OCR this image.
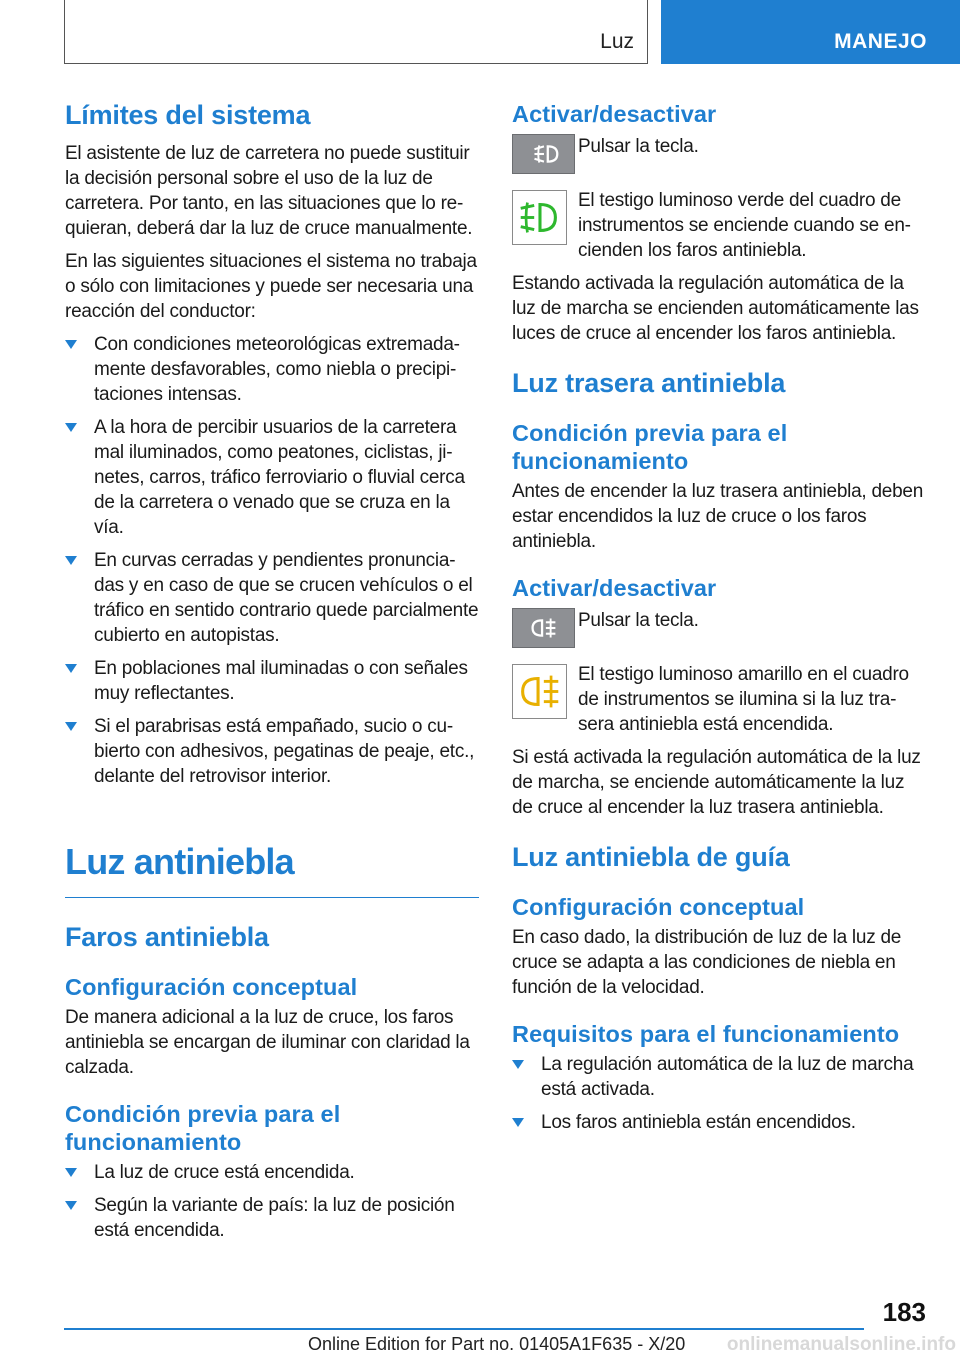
Luz	MANEJO
Límites del sistema

El asistente de luz de carretera no puede sustituir la decisión personal sobre el uso de la luz de carretera. Por tanto, en las situaciones que lo requieran, deberá dar la luz de cruce manualmente.

En las siguientes situaciones el sistema no trabaja o sólo con limitaciones y puede ser necesaria una reacción del conductor:

Con condiciones meteorológicas extremadamente desfavorables, como niebla o precipitaciones intensas.
A la hora de percibir usuarios de la carretera mal iluminados, como peatones, ciclistas, jinetes, carros, tráfico ferroviario o fluvial cerca de la carretera o venado que se cruza en la vía.
En curvas cerradas y pendientes pronunciadas y en caso de que se crucen vehículos o el tráfico en sentido contrario quede parcialmente cubierto en autopistas.
En poblaciones mal iluminadas o con señales muy reflectantes.
Si el parabrisas está empañado, sucio o cubierto con adhesivos, pegatinas de peaje, etc., delante del retrovisor interior.
Luz antiniebla
Faros antiniebla
Configuración conceptual

De manera adicional a la luz de cruce, los faros antiniebla se encargan de iluminar con claridad la calzada.

Condición previa para el funcionamiento
La luz de cruce está encendida.
Según la variante de país: la luz de posición está encendida.
Activar/desactivar
Pulsar la tecla.
El testigo luminoso verde del cuadro de instrumentos se enciende cuando se encienden los faros antiniebla.

Estando activada la regulación automática de la luz de marcha se encienden automáticamente las luces de cruce al encender los faros antiniebla.

Luz trasera antiniebla
Condición previa para el funcionamiento

Antes de encender la luz trasera antiniebla, deben estar encendidos la luz de cruce o los faros antiniebla.

Activar/desactivar
Pulsar la tecla.
El testigo luminoso amarillo en el cuadro de instrumentos se ilumina si la luz trasera antiniebla está encendida.

Si está activada la regulación automática de la luz de marcha, se enciende automáticamente la luz de cruce al encender la luz trasera antiniebla.

Luz antiniebla de guía
Configuración conceptual

En caso dado, la distribución de luz de la luz de cruce se adapta a las condiciones de niebla en función de la velocidad.

Requisitos para el funcionamiento
La regulación automática de la luz de marcha está activada.
Los faros antiniebla están encendidos.
183
Online Edition for Part no. 01405A1F635 - X/20 onlinemanualsonline.info
